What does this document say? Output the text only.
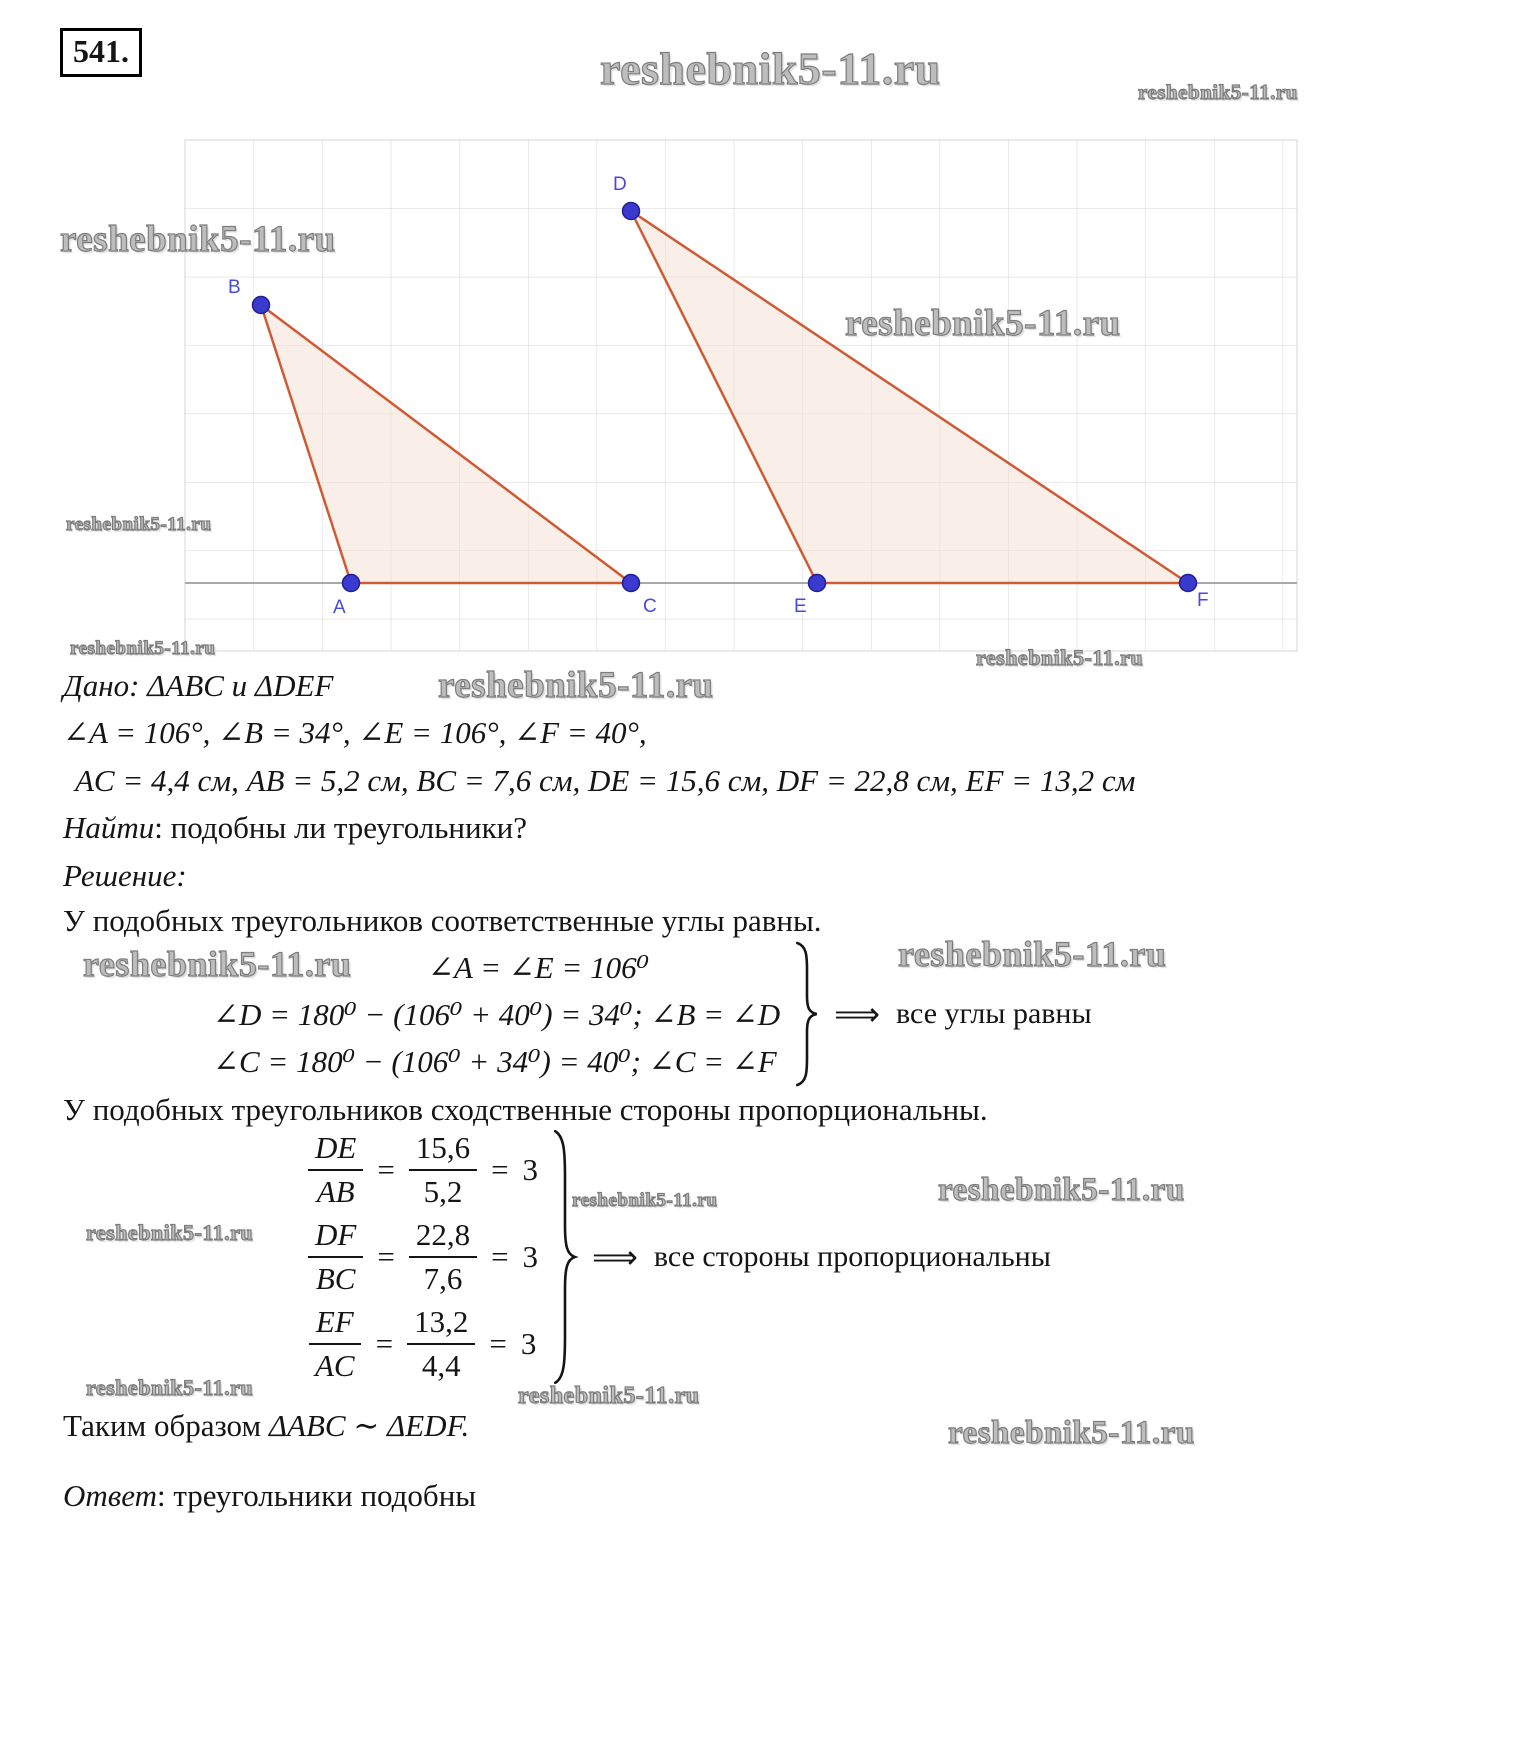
541.	reshebnik5-11.ru	reshebnik5-11.ru
reshebnik5-11.ru
reshebnik5-11.ru
reshebnik5-11.ru
reshebnik5-11.ru	reshebnik5-11.ru
reshebnik5-11.ru
reshebnik5-11.ru	reshebnik5-11.ru
reshebnik5-11.ru	reshebnik5-11.ru
reshebnik5-11.ru
reshebnik5-11.ru	reshebnik5-11.ru
reshebnik5-11.ru
A
B
C
D
E	F
Дано: ΔABC и ΔDEF
∠A = 106°, ∠B = 34°, ∠E = 106°, ∠F = 40°,
AC = 4,4 см, AB = 5,2 см, BC = 7,6 см, DE = 15,6 см, DF = 22,8 см, EF = 13,2 см
Найти: подобны ли треугольники?
Решение:
У подобных треугольников соответственные углы равны.
∠A = ∠E = 106⁰
∠D = 180⁰ − (106⁰ + 40⁰) = 34⁰; ∠B = ∠D
∠C = 180⁰ − (106⁰ + 34⁰) = 40⁰; ∠C = ∠F
⟹ все углы равны
У подобных треугольников сходственные стороны пропорциональны.
$\frac{DE}{AB} = \frac{15,6}{5,2} = 3$
$\frac{DF}{BC} = \frac{22,8}{7,6} = 3$
$\frac{EF}{AC} = \frac{13,2}{4,4} = 3$
⟹ все стороны пропорциональны
Таким образом ΔABC ∼ ΔEDF.
Ответ: треугольники подобны
